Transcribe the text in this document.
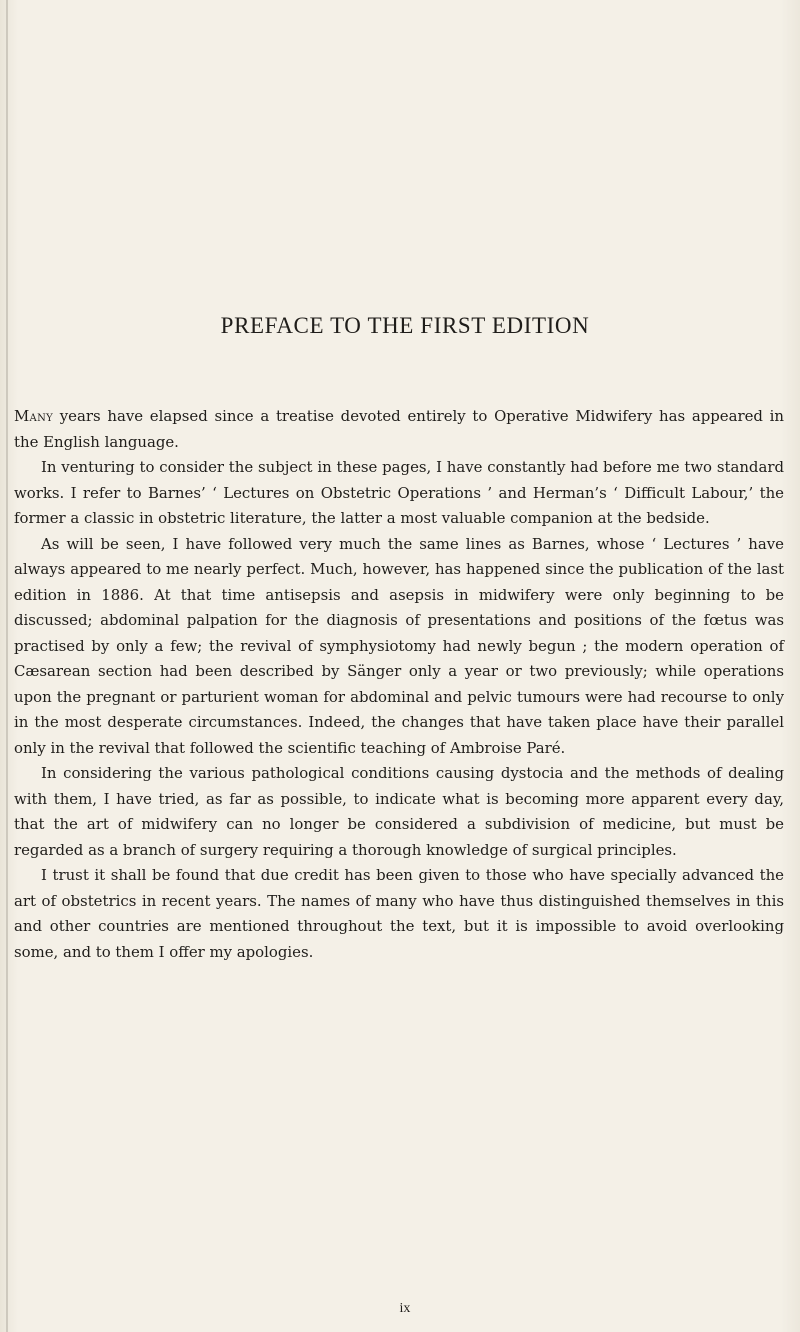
PREFACE TO THE FIRST EDITION

Many years have elapsed since a treatise devoted entirely to Operative Midwifery has appeared in the English language.

In venturing to consider the subject in these pages, I have constantly had before me two standard works. I refer to Barnes’ ‘ Lectures on Obstetric Operations ’ and Herman’s ‘ Difficult Labour,’ the former a classic in obstetric literature, the latter a most valuable companion at the bedside.

As will be seen, I have followed very much the same lines as Barnes, whose ‘ Lectures ’ have always appeared to me nearly perfect. Much, however, has happened since the publication of the last edition in 1886. At that time antisepsis and asepsis in midwifery were only beginning to be discussed; abdominal palpation for the diagnosis of presentations and positions of the fœtus was practised by only a few; the revival of symphysiotomy had newly begun ; the modern operation of Cæsarean section had been described by Sänger only a year or two previously; while operations upon the pregnant or parturient woman for abdominal and pelvic tumours were had recourse to only in the most desperate circumstances. Indeed, the changes that have taken place have their parallel only in the revival that followed the scientific teaching of Ambroise Paré.

In considering the various pathological conditions causing dystocia and the methods of dealing with them, I have tried, as far as possible, to indicate what is becoming more apparent every day, that the art of midwifery can no longer be considered a subdivision of medicine, but must be regarded as a branch of surgery requiring a thorough knowledge of surgical principles.

I trust it shall be found that due credit has been given to those who have specially advanced the art of obstetrics in recent years. The names of many who have thus distinguished themselves in this and other countries are mentioned throughout the text, but it is impossible to avoid overlooking some, and to them I offer my apologies.

ix
